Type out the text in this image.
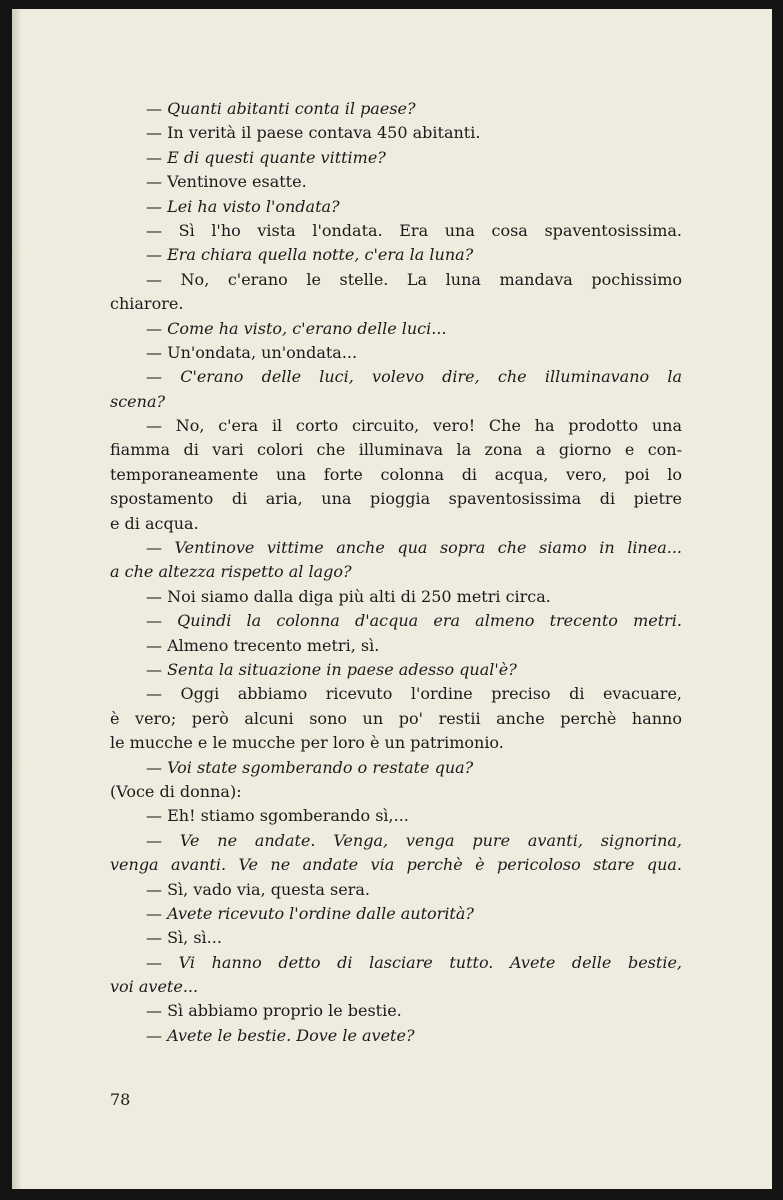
— Quanti abitanti conta il paese?
— In verità il paese contava 450 abitanti.
— E di questi quante vittime?
— Ventinove esatte.
— Lei ha visto l'ondata?
— Sì l'ho vista l'ondata. Era una cosa spaventosissima.
— Era chiara quella notte, c'era la luna?
— No, c'erano le stelle. La luna mandava pochissimo
chiarore.
— Come ha visto, c'erano delle luci...
— Un'ondata, un'ondata...
— C'erano delle luci, volevo dire, che illuminavano la
scena?
— No, c'era il corto circuito, vero! Che ha prodotto una
fiamma di vari colori che illuminava la zona a giorno e con-
temporaneamente una forte colonna di acqua, vero, poi lo
spostamento di aria, una pioggia spaventosissima di pietre
e di acqua.
— Ventinove vittime anche qua sopra che siamo in linea...
a che altezza rispetto al lago?
— Noi siamo dalla diga più alti di 250 metri circa.
— Quindi la colonna d'acqua era almeno trecento metri.
— Almeno trecento metri, sì.
— Senta la situazione in paese adesso qual'è?
— Oggi abbiamo ricevuto l'ordine preciso di evacuare,
è vero; però alcuni sono un po' restii anche perchè hanno
le mucche e le mucche per loro è un patrimonio.
— Voi state sgomberando o restate qua?
(Voce di donna):
— Eh! stiamo sgomberando sì,...
— Ve ne andate. Venga, venga pure avanti, signorina,
venga avanti. Ve ne andate via perchè è pericoloso stare qua.
— Sì, vado via, questa sera.
— Avete ricevuto l'ordine dalle autorità?
— Sì, sì...
— Vi hanno detto di lasciare tutto. Avete delle bestie,
voi avete...
— Sì abbiamo proprio le bestie.
— Avete le bestie. Dove le avete?
78
